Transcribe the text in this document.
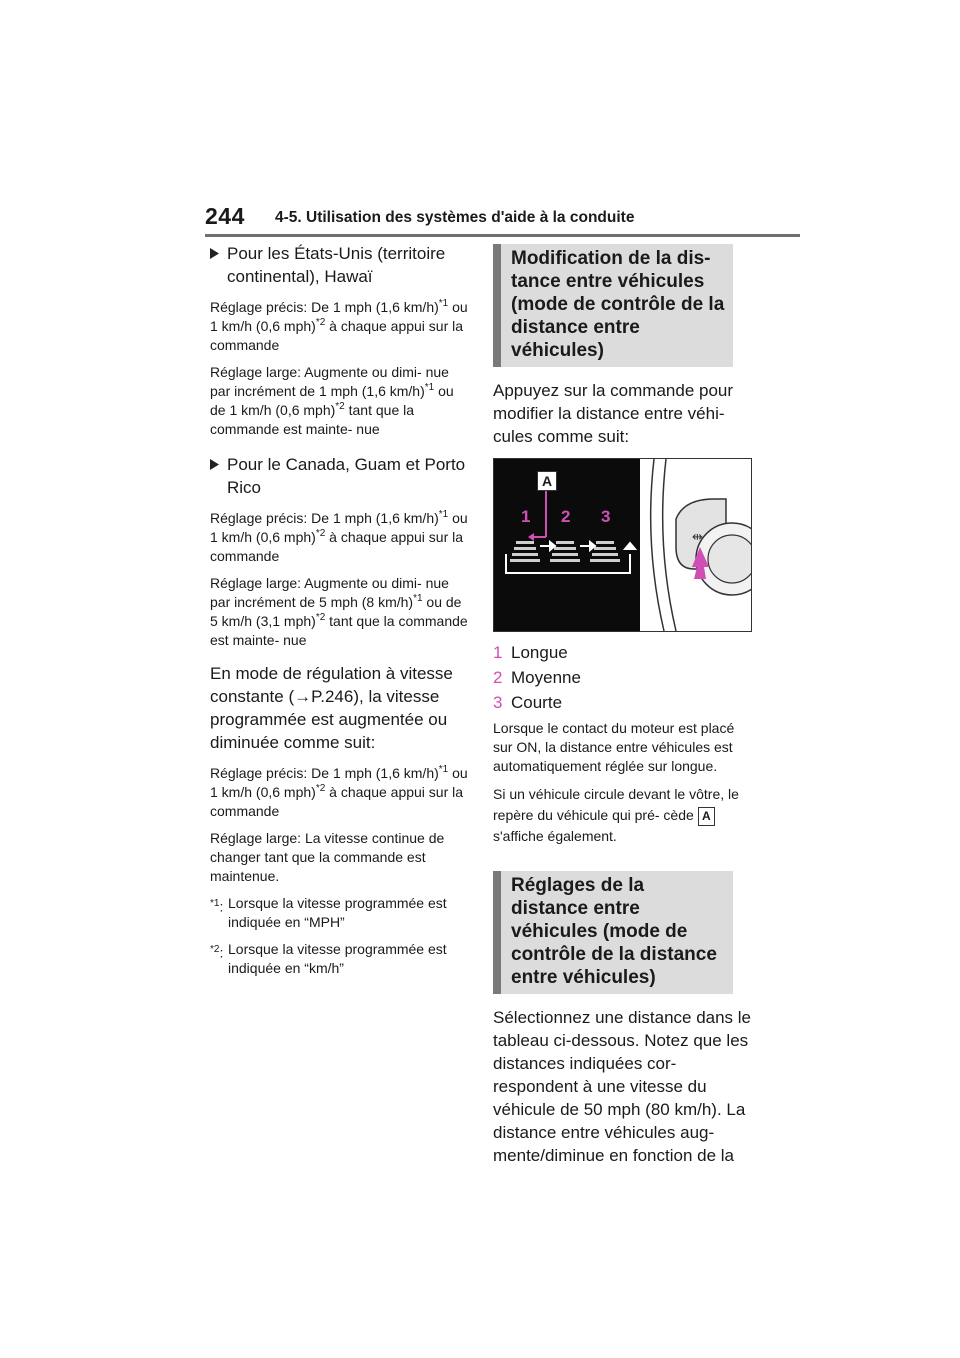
244 4-5. Utilisation des systèmes d'aide à la conduite
Pour les États-Unis (territoire continental), Hawaï

Réglage précis: De 1 mph (1,6 km/h)$^{*1}$ ou 1 km/h (0,6 mph)$^{*2}$ à chaque appui sur la commande

Réglage large: Augmente ou dimi- nue par incrément de 1 mph (1,6 km/h)$^{*1}$ ou de 1 km/h (0,6 mph)$^{*2}$ tant que la commande est mainte- nue

Pour le Canada, Guam et Porto Rico

Réglage précis: De 1 mph (1,6 km/h)$^{*1}$ ou 1 km/h (0,6 mph)$^{*2}$ à chaque appui sur la commande

Réglage large: Augmente ou dimi- nue par incrément de 5 mph (8 km/h)$^{*1}$ ou de 5 km/h (3,1 mph)$^{*2}$ tant que la commande est mainte- nue

En mode de régulation à vitesse constante (→P.246), la vitesse programmée est augmentée ou diminuée comme suit:

Réglage précis: De 1 mph (1,6 km/h)$^{*1}$ ou 1 km/h (0,6 mph)$^{*2}$ à chaque appui sur la commande

Réglage large: La vitesse continue de changer tant que la commande est maintenue.

$^{*1}$: Lorsque la vitesse programmée est indiquée en “MPH”
$^{*2}$: Lorsque la vitesse programmée est indiquée en “km/h”
Modification de la dis- tance entre véhicules (mode de contrôle de la distance entre véhicules)

Appuyez sur la commande pour modifier la distance entre véhi- cules comme suit:

⇹
A
1 2 3
1 Longue
2 Moyenne
3 Courte

Lorsque le contact du moteur est placé sur ON, la distance entre véhicules est automatiquement réglée sur longue.

Si un véhicule circule devant le vôtre, le repère du véhicule qui pré- cède As'affiche également.

Réglages de la distance entre véhicules (mode de contrôle de la distance entre véhicules)

Sélectionnez une distance dans le tableau ci-dessous. Notez que les distances indiquées cor- respondent à une vitesse du véhicule de 50 mph (80 km/h). La distance entre véhicules aug- mente/diminue en fonction de la
